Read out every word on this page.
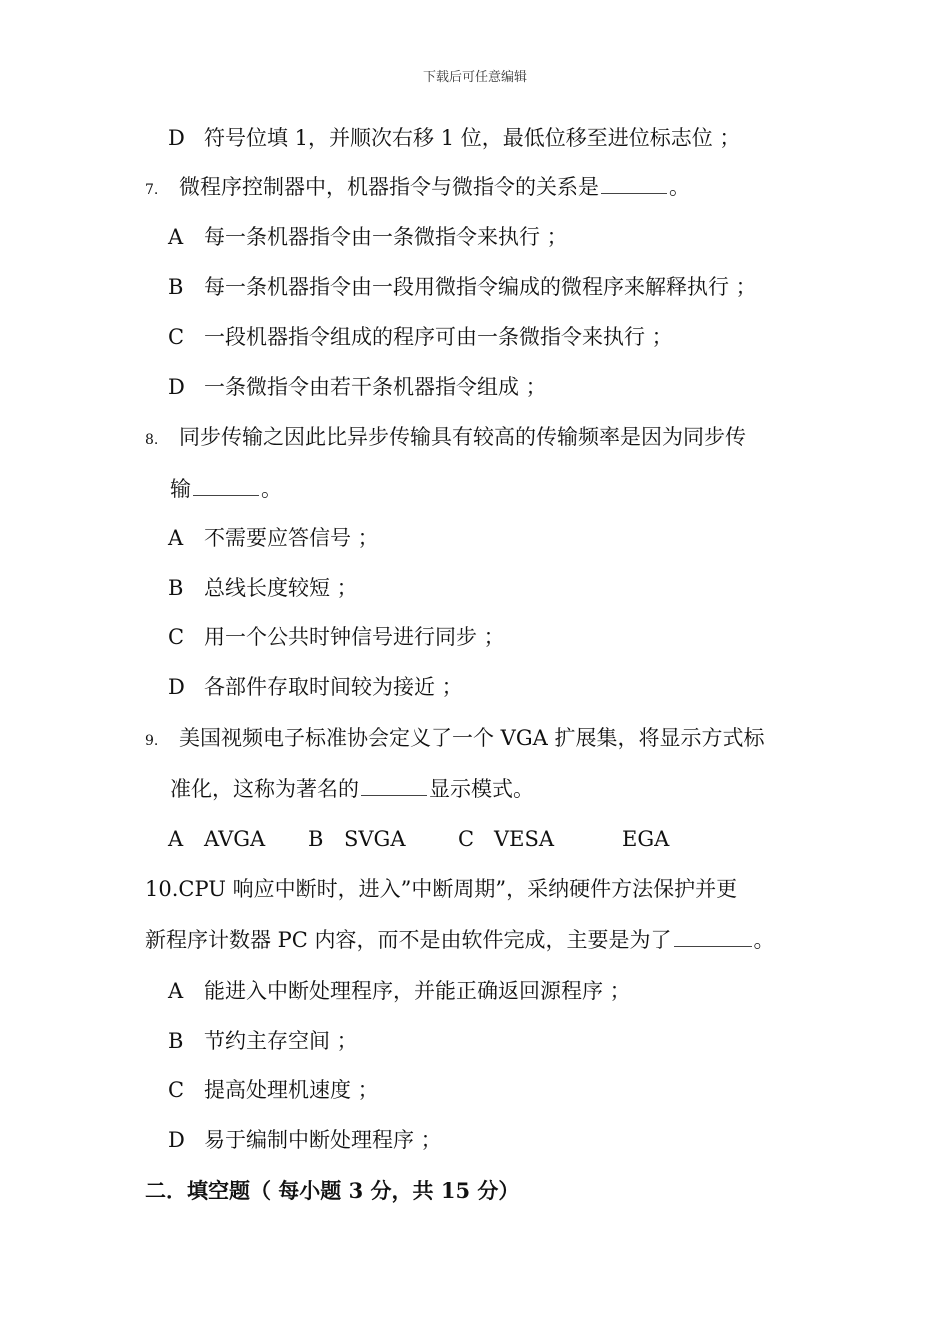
下载后可任意编辑
D 符号位填 1，并顺次右移 1 位，最低位移至进位标志位 ；
7. 微程序控制器中，机器指令与微指令的关系是	。
A 每一条机器指令由一条微指令来执行 ；
B 每一条机器指令由一段用微指令编成的微程序来解释执行 ；
C 一段机器指令组成的程序可由一条微指令来执行 ；
D 一条微指令由若干条机器指令组成 ；
8. 同步传输之因此比异步传输具有较高的传输频率是因为同步传
输	。
A 不需要应答信号 ；
B 总线长度较短 ；
C 用一个公共时钟信号进行同步 ；
D 各部件存取时间较为接近 ；
9. 美国视频电子标准协会定义了一个 VGA 扩展集，将显示方式标
准化，这称为著名的	显示模式。
A AVGA B SVGA	C VESA	EGA
10.CPU 响应中断时，进入”中断周期”，采纳硬件方法保护并更
新程序计数器 PC 内容，而不是由软件完成，主要是为了	。
A 能进入中断处理程序，并能正确返回源程序 ；
B 节约主存空间 ；
C 提高处理机速度 ；
D 易于编制中断处理程序 ；
二．填空题（ 每小题 3 分，共 15 分）
